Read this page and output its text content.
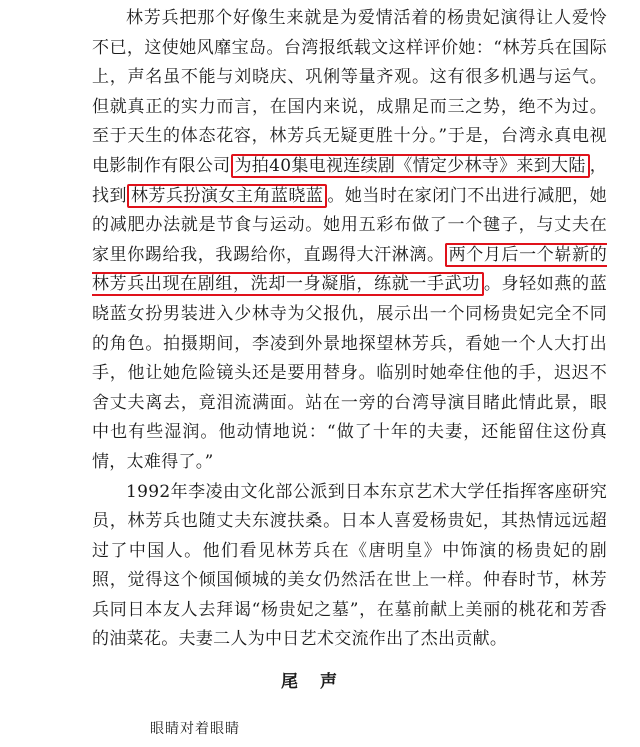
林芳兵把那个好像生来就是为爱情活着的杨贵妃演得让人爱怜不已，这使她风靡宝岛。台湾报纸载文这样评价她：“林芳兵在国际上，声名虽不能与刘晓庆、巩俐等量齐观。这有很多机遇与运气。但就真正的实力而言，在国内来说，成鼎足而三之势，绝不为过。至于天生的体态花容，林芳兵无疑更胜十分。”于是，台湾永真电视电影制作有限公司 为拍40集电视连续剧《情定少林寺》来到大陆 ，找到 林芳兵扮演女主角蓝晓蓝 。她当时在家闭门不出进行减肥，她的减肥办法就是节食与运动。她用五彩布做了一个毽子，与丈夫在家里你踢给我，我踢给你，直踢得大汗淋漓。 两个月后一个崭新的林芳兵出现在剧组，洗却一身凝脂，练就一手武功 。身轻如燕的蓝晓蓝女扮男装进入少林寺为父报仇，展示出一个同杨贵妃完全不同的角色。拍摄期间，李凌到外景地探望林芳兵，看她一个人大打出手，他让她危险镜头还是要用替身。临别时她牵住他的手，迟迟不舍丈夫离去，竟泪流满面。站在一旁的台湾导演目睹此情此景，眼中也有些湿润。他动情地说：“做了十年的夫妻，还能留住这份真情，太难得了。”

1992年李凌由文化部公派到日本东京艺术大学任指挥客座研究员，林芳兵也随丈夫东渡扶桑。日本人喜爱杨贵妃，其热情远远超过了中国人。他们看见林芳兵在《唐明皇》中饰演的杨贵妃的剧照，觉得这个倾国倾城的美女仍然活在世上一样。仲春时节，林芳兵同日本友人去拜谒“杨贵妃之墓”，在墓前献上美丽的桃花和芳香的油菜花。夫妻二人为中日艺术交流作出了杰出贡献。

尾声

眼睛对着眼睛
